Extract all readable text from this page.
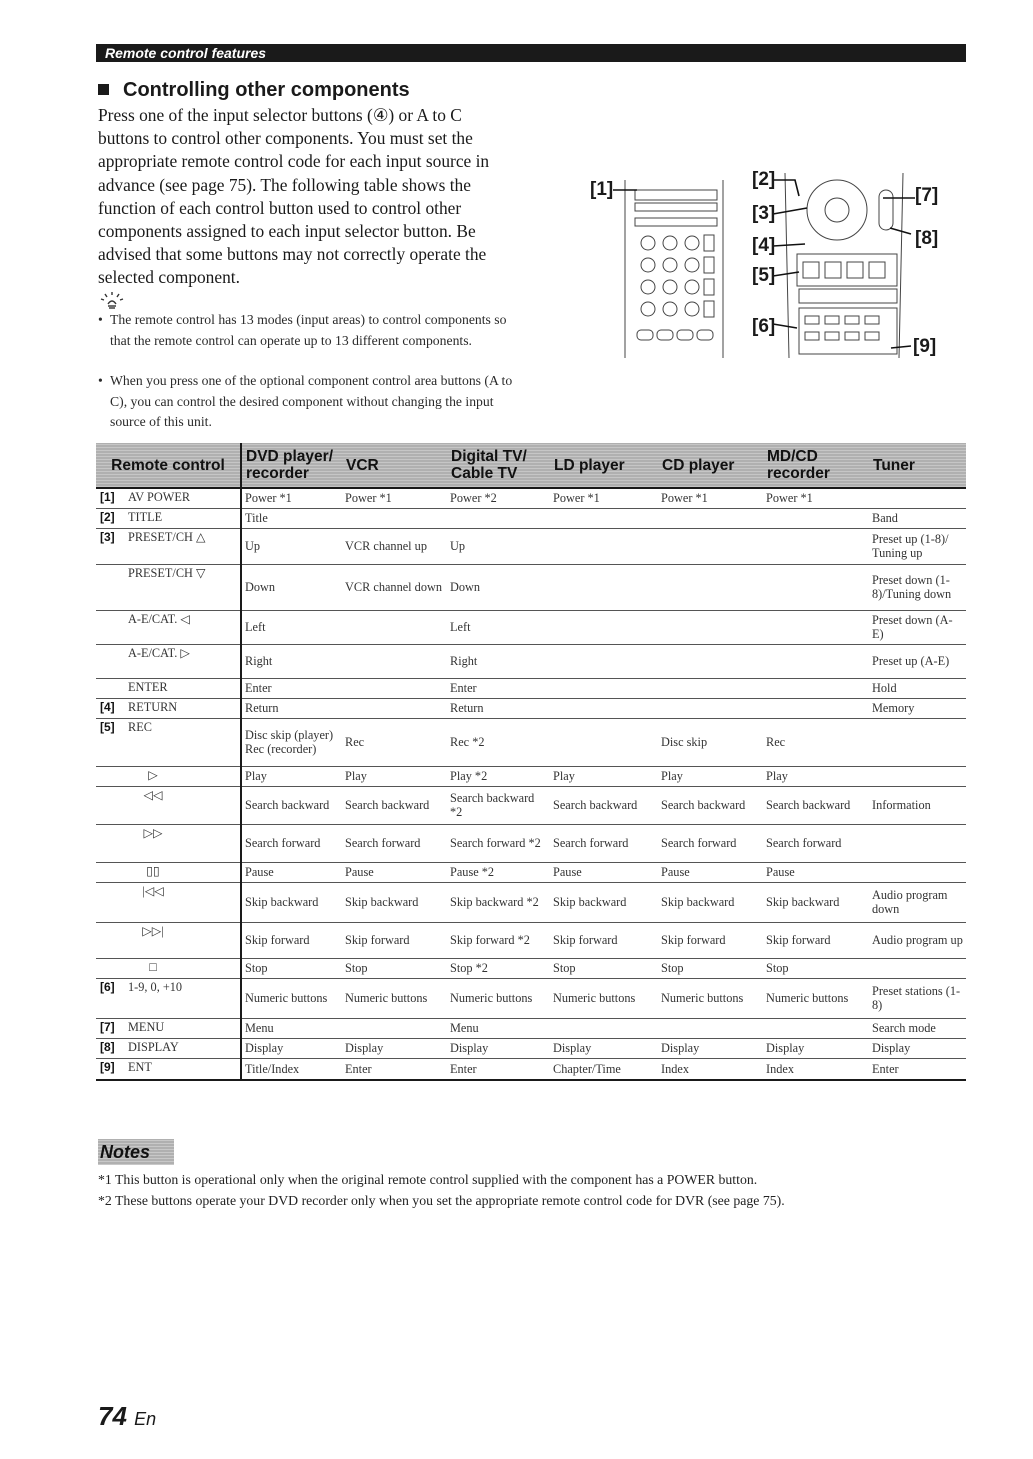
Remote control features
Controlling other components
Press one of the input selector buttons (④) or A to C buttons to control other components. You must set the appropriate remote control code for each input source in advance (see page 75). The following table shows the function of each control button used to control other components assigned to each input selector button. Be advised that some buttons may not correctly operate the selected component.
• The remote control has 13 modes (input areas) to control components so that the remote control can operate up to 13 different components.
• When you press one of the optional component control area buttons (A to C), you can control the desired component without changing the input source of this unit.
[1]	[2]
[3]
[4]
[5]
[6]
[7]
[8]
[9]
Remote control	DVD player/ recorder	VCR	Digital TV/ Cable TV	LD player	CD player	MD/CD recorder	Tuner
[1] AV POWER	Power *1	Power *1	Power *2	Power *1	Power *1	Power *1	
[2] TITLE	Title						Band
[3] PRESET/CH △	Up	VCR channel up	Up				Preset up (1-8)/ Tuning up
PRESET/CH ▽	Down	VCR channel down	Down				Preset down (1-8)/Tuning down
A-E/CAT. ◁	Left		Left				Preset down (A-E)
A-E/CAT. ▷	Right		Right				Preset up (A-E)
ENTER	Enter		Enter				Hold
[4] RETURN	Return		Return				Memory
[5] REC	Disc skip (player) Rec (recorder)	Rec	Rec *2		Disc skip	Rec	
▷	Play	Play	Play *2	Play	Play	Play	
◁◁	Search backward	Search backward	Search backward *2	Search backward	Search backward	Search backward	Information
▷▷	Search forward	Search forward	Search forward *2	Search forward	Search forward	Search forward	
▯▯	Pause	Pause	Pause *2	Pause	Pause	Pause	
|◁◁	Skip backward	Skip backward	Skip backward *2	Skip backward	Skip backward	Skip backward	Audio program down
▷▷|	Skip forward	Skip forward	Skip forward *2	Skip forward	Skip forward	Skip forward	Audio program up
□	Stop	Stop	Stop *2	Stop	Stop	Stop	
[6] 1-9, 0, +10	Numeric buttons	Numeric buttons	Numeric buttons	Numeric buttons	Numeric buttons	Numeric buttons	Preset stations (1-8)
[7] MENU	Menu		Menu				Search mode
[8] DISPLAY	Display	Display	Display	Display	Display	Display	Display
[9] ENT	Title/Index	Enter	Enter	Chapter/Time	Index	Index	Enter
Notes
*1 This button is operational only when the original remote control supplied with the component has a POWER button.
*2 These buttons operate your DVD recorder only when you set the appropriate remote control code for DVR (see page 75).
74 En
